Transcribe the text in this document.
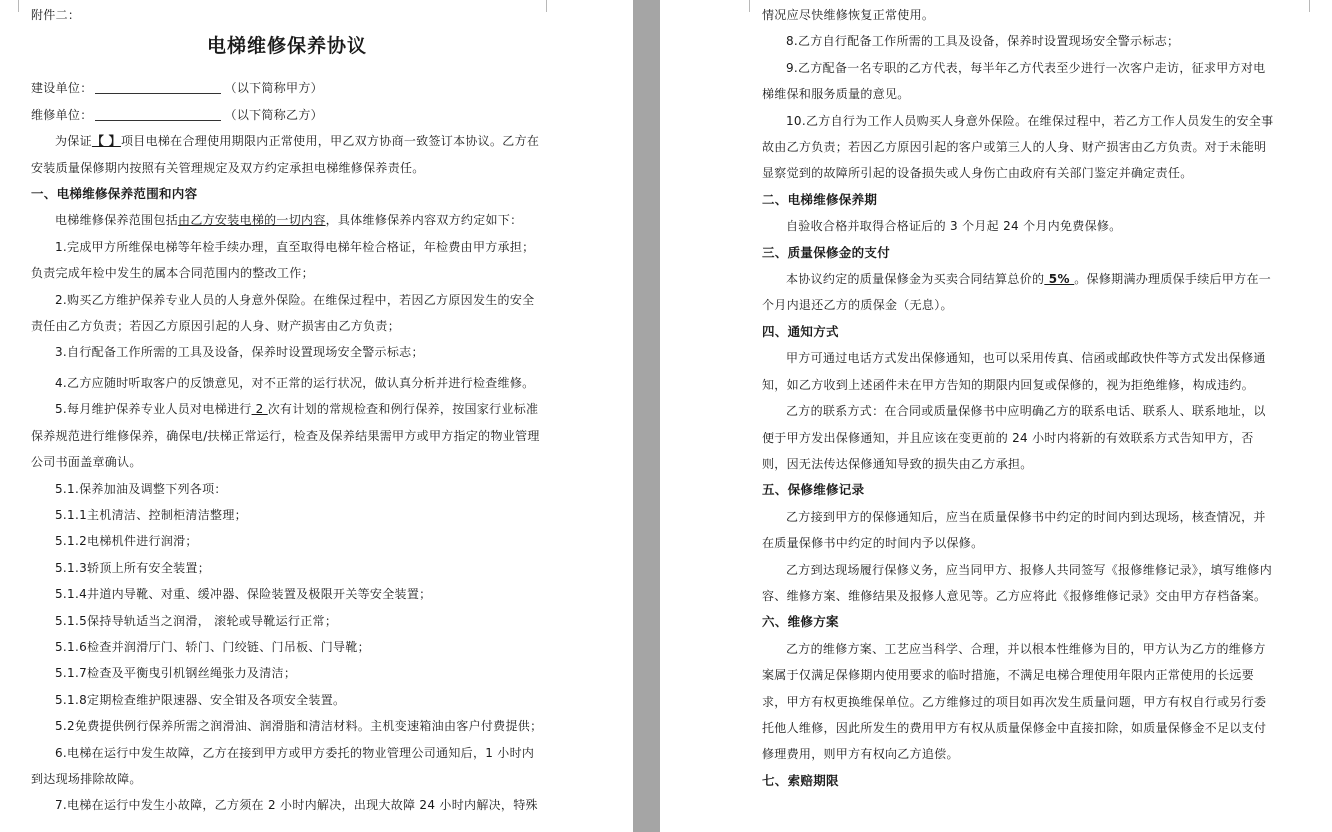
附件二：
电梯维修保养协议
建设单位：	（以下简称甲方）
维修单位：	（以下简称乙方）
为保证【 】项目电梯在合理使用期限内正常使用，甲乙双方协商一致签订本协议。乙方在安装质量保修期内按照有关管理规定及双方约定承担电梯维修保养责任。
一、电梯维修保养范围和内容
电梯维修保养范围包括由乙方安装电梯的一切内容，具体维修保养内容双方约定如下：
1.完成甲方所维保电梯等年检手续办理，直至取得电梯年检合格证，年检费由甲方承担；负责完成年检中发生的属本合同范围内的整改工作；
2.购买乙方维护保养专业人员的人身意外保险。在维保过程中，若因乙方原因发生的安全责任由乙方负责；若因乙方原因引起的人身、财产损害由乙方负责；
3.自行配备工作所需的工具及设备，保养时设置现场安全警示标志；
4.乙方应随时听取客户的反馈意见，对不正常的运行状况，做认真分析并进行检查维修。
5.每月维护保养专业人员对电梯进行 2 次有计划的常规检查和例行保养，按国家行业标准保养规范进行维修保养，确保电/扶梯正常运行，检查及保养结果需甲方或甲方指定的物业管理公司书面盖章确认。
5.1.保养加油及调整下列各项：
5.1.1主机清洁、控制柜清洁整理；
5.1.2电梯机件进行润滑；
5.1.3轿顶上所有安全装置；
5.1.4井道内导靴、对重、缓冲器、保险装置及极限开关等安全装置；
5.1.5保持导轨适当之润滑， 滚轮或导靴运行正常；
5.1.6检查并润滑厅门、轿门、门绞链、门吊板、门导靴；
5.1.7检查及平衡曳引机钢丝绳张力及清洁；
5.1.8定期检查维护限速器、安全钳及各项安全装置。
5.2免费提供例行保养所需之润滑油、润滑脂和清洁材料。主机变速箱油由客户付费提供；
6.电梯在运行中发生故障，乙方在接到甲方或甲方委托的物业管理公司通知后，1 小时内到达现场排除故障。
7.电梯在运行中发生小故障，乙方须在 2 小时内解决，出现大故障 24 小时内解决，特殊
情况应尽快维修恢复正常使用。
8.乙方自行配备工作所需的工具及设备，保养时设置现场安全警示标志；
9.乙方配备一名专职的乙方代表，每半年乙方代表至少进行一次客户走访，征求甲方对电梯维保和服务质量的意见。
10.乙方自行为工作人员购买人身意外保险。在维保过程中，若乙方工作人员发生的安全事故由乙方负责；若因乙方原因引起的客户或第三人的人身、财产损害由乙方负责。对于未能明显察觉到的故障所引起的设备损失或人身伤亡由政府有关部门鉴定并确定责任。
二、电梯维修保养期
自验收合格并取得合格证后的 3 个月起 24 个月内免费保修。
三、质量保修金的支付
本协议约定的质量保修金为买卖合同结算总价的 5% 。保修期满办理质保手续后甲方在一个月内退还乙方的质保金（无息）。
四、通知方式
甲方可通过电话方式发出保修通知，也可以采用传真、信函或邮政快件等方式发出保修通知，如乙方收到上述函件未在甲方告知的期限内回复或保修的，视为拒绝维修，构成违约。
乙方的联系方式：在合同或质量保修书中应明确乙方的联系电话、联系人、联系地址，以便于甲方发出保修通知，并且应该在变更前的 24 小时内将新的有效联系方式告知甲方，否则，因无法传达保修通知导致的损失由乙方承担。
五、保修维修记录
乙方接到甲方的保修通知后，应当在质量保修书中约定的时间内到达现场，核查情况，并在质量保修书中约定的时间内予以保修。
乙方到达现场履行保修义务，应当同甲方、报修人共同签写《报修维修记录》，填写维修内容、维修方案、维修结果及报修人意见等。乙方应将此《报修维修记录》交由甲方存档备案。
六、维修方案
乙方的维修方案、工艺应当科学、合理，并以根本性维修为目的，甲方认为乙方的维修方案属于仅满足保修期内使用要求的临时措施，不满足电梯合理使用年限内正常使用的长远要求，甲方有权更换维保单位。乙方维修过的项目如再次发生质量问题，甲方有权自行或另行委托他人维修，因此所发生的费用甲方有权从质量保修金中直接扣除，如质量保修金不足以支付修理费用，则甲方有权向乙方追偿。
七、索赔期限
